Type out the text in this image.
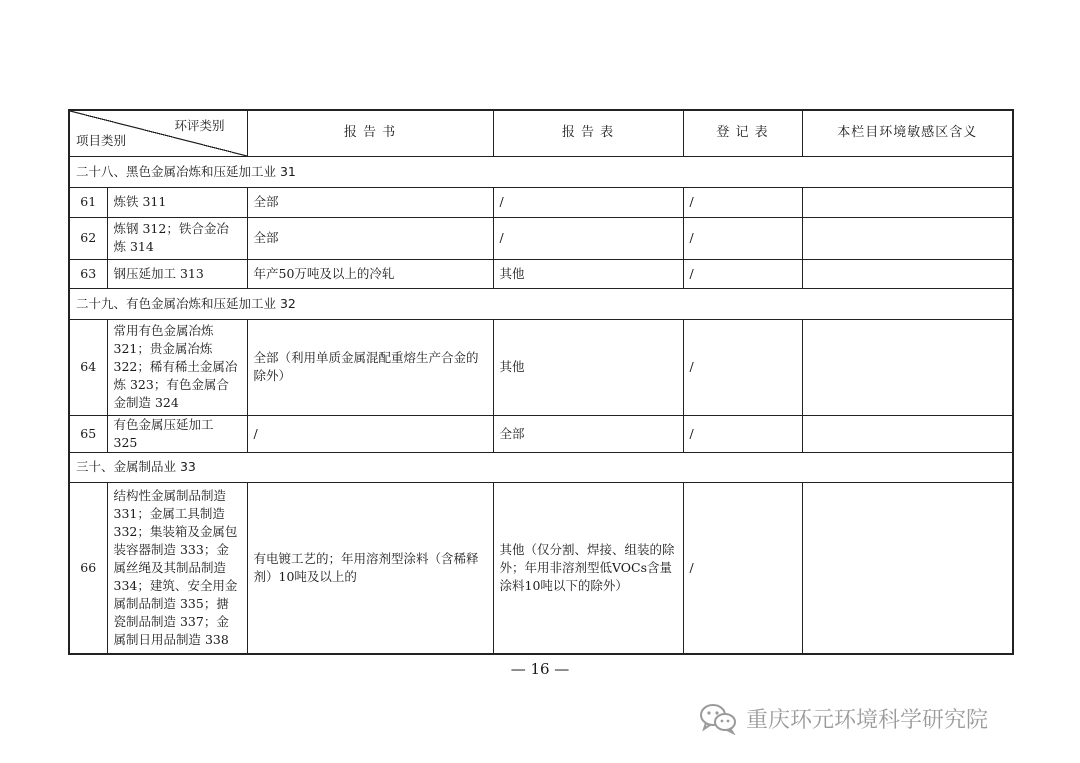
环评类别
项目类别		报 告 书	报 告 表	登 记 表	本栏目环境敏感区含义
二十八、黑色金属冶炼和压延加工业 31					
61	炼铁 311	全部	/	/	
62	炼钢 312；铁合金冶炼 314	全部	/	/	
63	钢压延加工 313	年产50万吨及以上的冷轧	其他	/	
二十九、有色金属冶炼和压延加工业 32					
64	常用有色金属冶炼 321；贵金属冶炼 322；稀有稀土金属冶炼 323；有色金属合金制造 324	全部（利用单质金属混配重熔生产合金的除外）	其他	/	
65	有色金属压延加工 325	/	全部	/	
三十、金属制品业 33					
66	结构性金属制品制造 331；金属工具制造 332；集装箱及金属包装容器制造 333；金属丝绳及其制品制造 334；建筑、安全用金属制品制造 335；搪瓷制品制造 337；金属制日用品制造 338	有电镀工艺的；年用溶剂型涂料（含稀释剂）10吨及以上的	其他（仅分割、焊接、组装的除外；年用非溶剂型低VOCs含量涂料10吨以下的除外）	/	
— 16 —
重庆环元环境科学研究院
